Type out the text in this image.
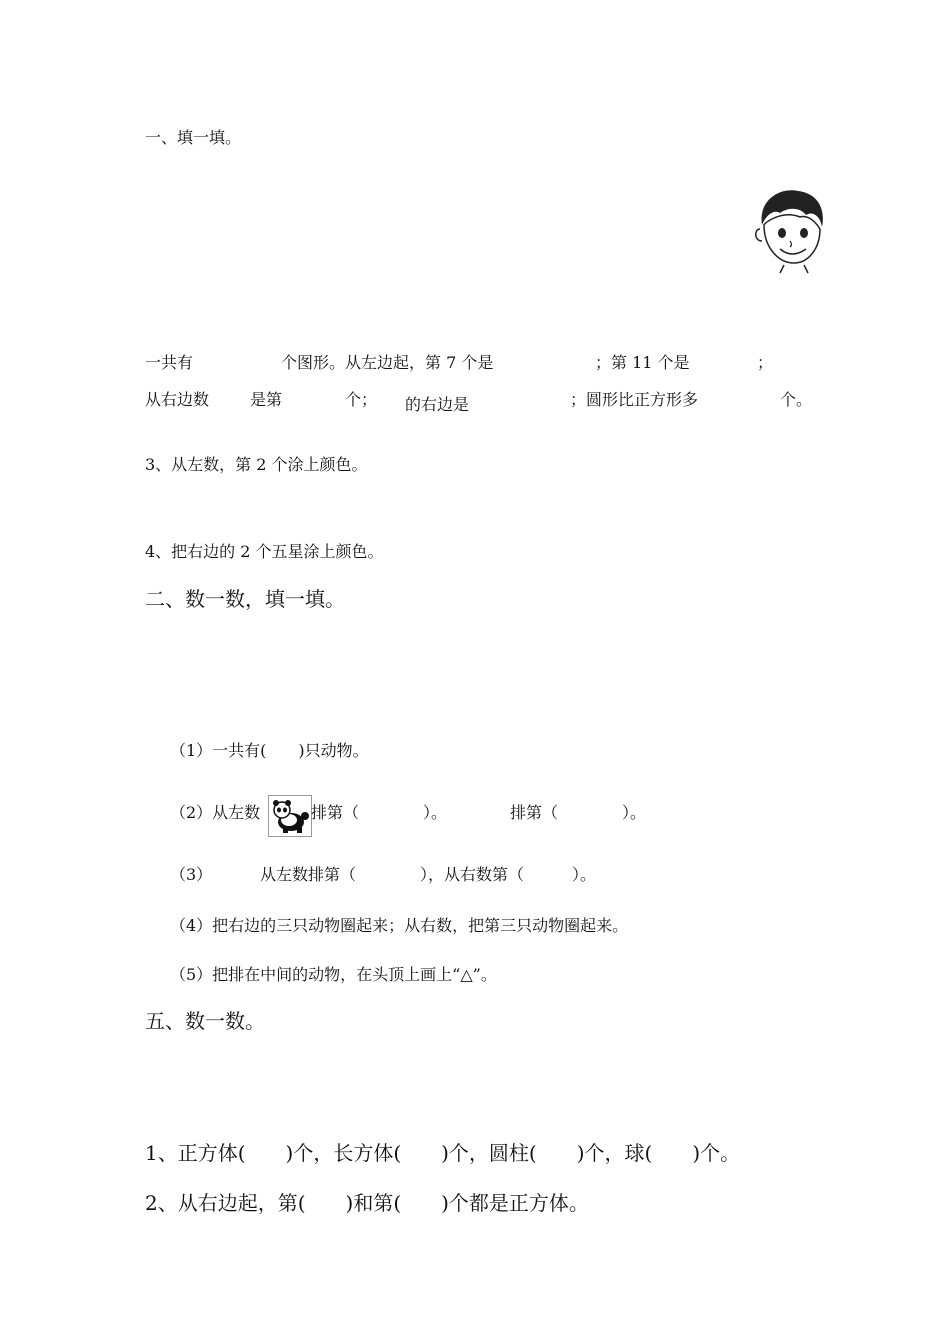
一、填一填。
一共有	个图形。从左边起，第 7 个是	；第 11 个是	；
从右边数	是第	个； 的右边是	；圆形比正方形多	个。
3、从左数，第 2 个涂上颜色。
4、把右边的 2 个五星涂上颜色。
二、数一数，填一填。
（1）一共有(　　)只动物。
（2）从左数	排第（　　　　）。	排第（　　　　）。
（3）	从左数排第（　　　　），从右数第（　　　）。
（4）把右边的三只动物圈起来；从右数，把第三只动物圈起来。
（5）把排在中间的动物，在头顶上画上“△”。
五、数一数。
1、正方体(　　)个，长方体(　　)个，圆柱(　　)个，球(　　)个。
2、从右边起，第(　　)和第(　　)个都是正方体。
